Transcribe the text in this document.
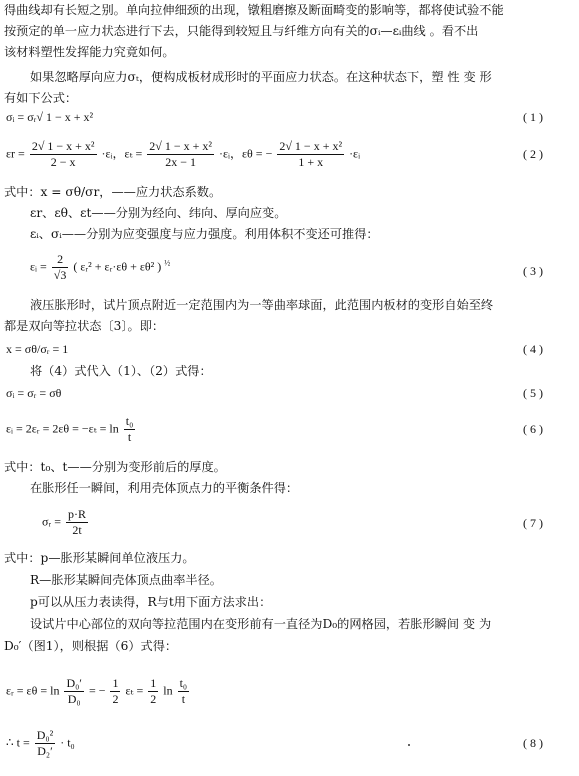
得曲线却有长短之别。单向拉伸细颈的出现，镦粗磨擦及断面畸变的影响等，都将使试验不能
按预定的单一应力状态进行下去，只能得到较短且与纤维方向有关的σᵢ—εᵢ曲线 。看不出
该材料塑性发挥能力究竟如何。
如果忽略厚向应力σₜ，便构成板材成形时的平面应力状态。在这种状态下，塑 性 变 形
有如下公式：
σᵢ = σᵣ√ 1 − x + x²	( 1 )
$\varepsilon r = \frac{\text{2√ 1 − x + x²}}{2 - x}$ ·εᵢ，$\varepsilon_t = \frac{\text{2√ 1 − x + x²}}{2x - 1}$ ·εᵢ，εθ = − $\frac{\text{2√ 1 − x + x²}}{1 + x}$ ·εᵢ	( 2 )
式中：x = σθ/σr，——应力状态系数。
εr、εθ、εt——分别为经向、纬向、厚向应变。
εᵢ、σᵢ——分别为应变强度与应力强度。利用体积不变还可推得：
εᵢ = $\frac{2}{√3}$ ( εᵣ² + εᵣ·εθ + εθ² ) $^{\frac{1}{2}}$
( 3 )
液压胀形时，试片顶点附近一定范围内为一等曲率球面，此范围内板材的变形自始至终
都是双向等拉状态〔3〕。即：
x = σθ/σᵣ = 1	( 4 )
将（4）式代入（1）、（2）式得：
σᵢ = σᵣ = σθ	( 5 )
εᵢ = 2εᵣ = $2\varepsilon\theta = -\varepsilon_t = \ln \frac{\text{t₀}}{t}$	( 6 )
式中：t₀、t——分别为变形前后的厚度。
在胀形任一瞬间，利用壳体顶点力的平衡条件得：
σᵣ = $\frac{p\cdot R}{2t}$	( 7 )
式中：p—胀形某瞬间单位液压力。
R—胀形某瞬间壳体顶点曲率半径。
p可以从压力表读得，R与t用下面方法求出：
设试片中心部位的双向等拉范围内在变形前有一直径为D₀的网格园，若胀形瞬间 变 为
D₀′（图1），则根据（6）式得：
εᵣ = $\varepsilon\theta = \ln \frac{\text{D₀′}}{\text{D₀}}$ = − $\frac{1}{2}$ $\varepsilon_t = \frac{1}{2}$ $\ln \frac{\text{t₀}}{t}$
∴ $t = \frac{\text{D₀²}}{\text{D₂′}} \cdot t_0$	( 8 )
